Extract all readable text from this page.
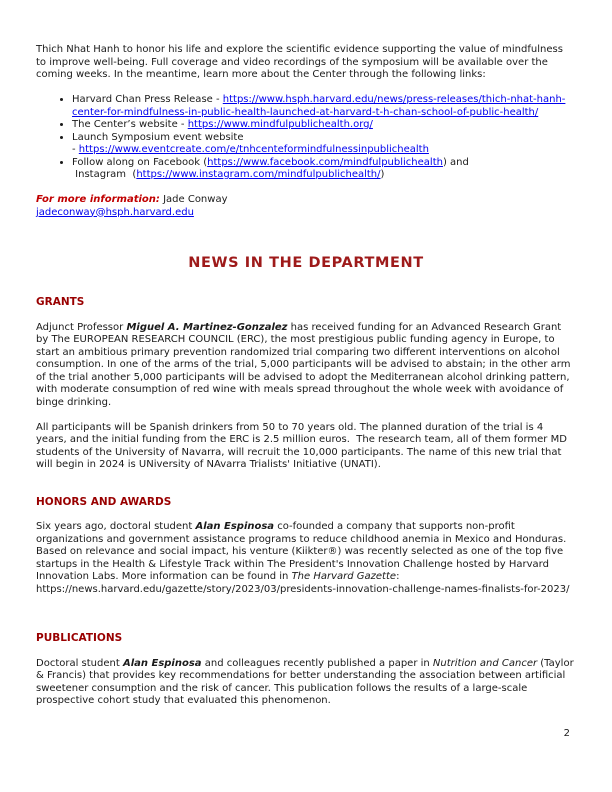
Thich Nhat Hanh to honor his life and explore the scientific evidence supporting the value of mindfulness to improve well-being. Full coverage and video recordings of the symposium will be available over the coming weeks. In the meantime, learn more about the Center through the following links:

• Harvard Chan Press Release - https://www.hsph.harvard.edu/news/press-releases/thich-nhat-hanh-center-for-mindfulness-in-public-health-launched-at-harvard-t-h-chan-school-of-public-health/
• The Center’s website - https://www.mindfulpublichealth.org/
• Launch Symposium event website
- https://www.eventcreate.com/e/tnhcenteformindfulnessinpublichealth
• Follow along on Facebook (https://www.facebook.com/mindfulpublichealth) and
Instagram  (https://www.instagram.com/mindfulpublichealth/)

For more information: Jade Conway
jadeconway@hsph.harvard.edu

NEWS IN THE DEPARTMENT
GRANTS

Adjunct Professor Miguel A. Martinez-Gonzalez has received funding for an Advanced Research Grant by The EUROPEAN RESEARCH COUNCIL (ERC), the most prestigious public funding agency in Europe, to start an ambitious primary prevention randomized trial comparing two different interventions on alcohol consumption. In one of the arms of the trial, 5,000 participants will be advised to abstain; in the other arm of the trial another 5,000 participants will be advised to adopt the Mediterranean alcohol drinking pattern, with moderate consumption of red wine with meals spread throughout the whole week with avoidance of binge drinking.

All participants will be Spanish drinkers from 50 to 70 years old. The planned duration of the trial is 4 years, and the initial funding from the ERC is 2.5 million euros.  The research team, all of them former MD students of the University of Navarra, will recruit the 10,000 participants. The name of this new trial that will begin in 2024 is UNiversity of NAvarra Trialists' Initiative (UNATI).

HONORS AND AWARDS

Six years ago, doctoral student Alan Espinosa co-founded a company that supports non-profit organizations and government assistance programs to reduce childhood anemia in Mexico and Honduras. Based on relevance and social impact, his venture (Kiikter®) was recently selected as one of the top five startups in the Health & Lifestyle Track within The President's Innovation Challenge hosted by Harvard Innovation Labs. More information can be found in The Harvard Gazette: https://news.harvard.edu/gazette/story/2023/03/presidents-innovation-challenge-names-finalists-for-2023/

PUBLICATIONS

Doctoral student Alan Espinosa and colleagues recently published a paper in Nutrition and Cancer (Taylor & Francis) that provides key recommendations for better understanding the association between artificial sweetener consumption and the risk of cancer. This publication follows the results of a large-scale prospective cohort study that evaluated this phenomenon.

2
